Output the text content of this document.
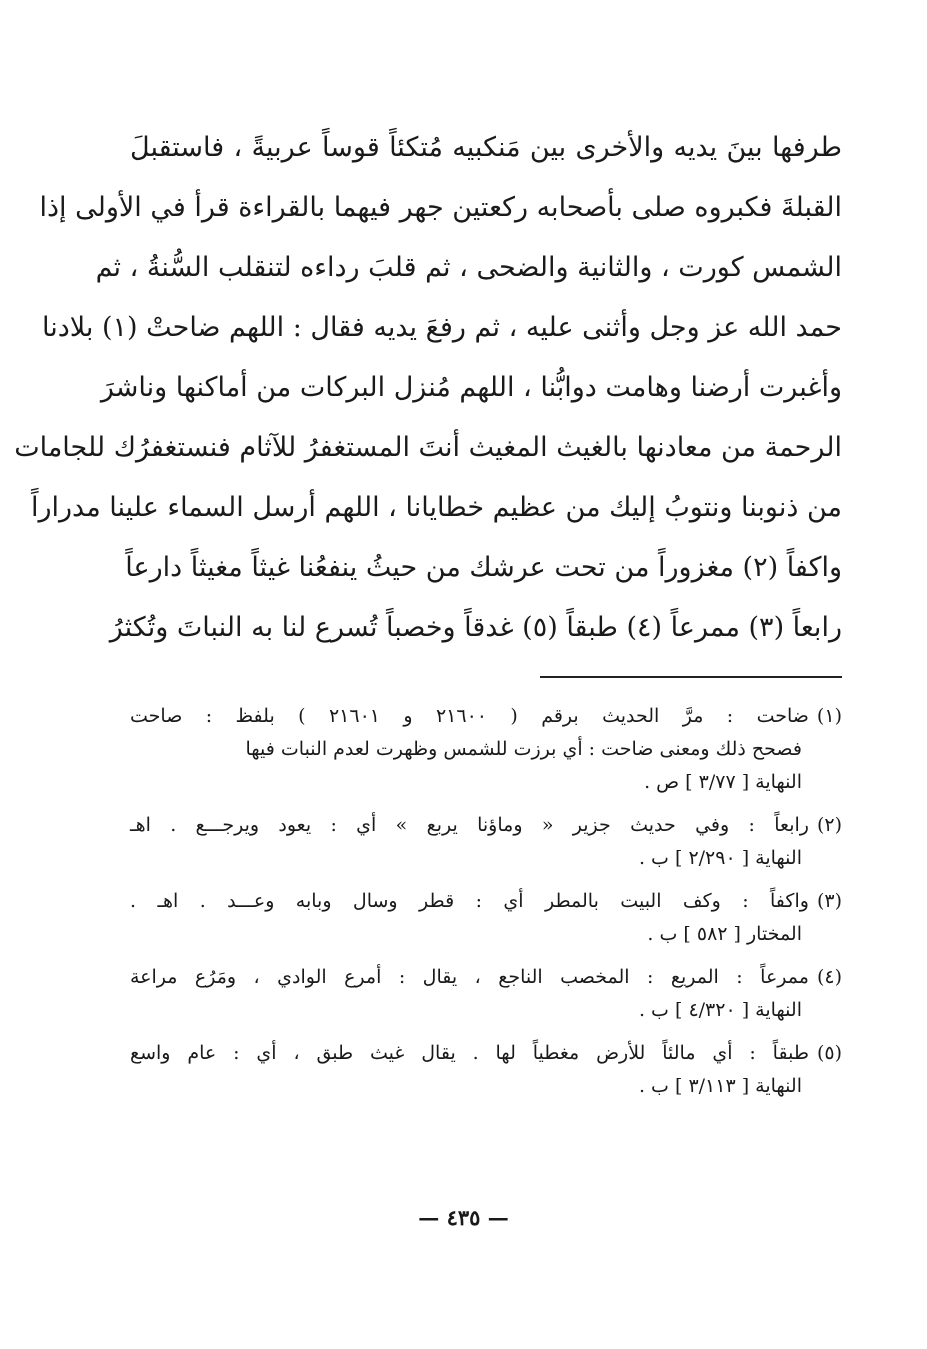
طرفها بينَ يديه والأخرى بين مَنكبيه مُتكئاً قوساً عربيةً ، فاستقبلَ
القبلةَ فكبروه صلى بأصحابه ركعتين جهر فيهما بالقراءة قرأ في الأولى إذا
الشمس كورت ، والثانية والضحى ، ثم قلبَ رداءه لتنقلب السُّنةُ ، ثم
حمد الله عز وجل وأثنى عليه ، ثم رفعَ يديه فقال : اللهم ضاحتْ (١) بلادنا
وأغبرت أرضنا وهامت دوابُّنا ، اللهم مُنزل البركات من أماكنها وناشرَ
الرحمة من معادنها بالغيث المغيث أنتَ المستغفرُ للآثام فنستغفرُك للجامات
من ذنوبنا ونتوبُ إليك من عظيم خطايانا ، اللهم أرسل السماء علينا مدراراً
واكفاً (٢) مغزوراً من تحت عرشك من حيثُ ينفعُنا غيثاً مغيثاً دارعاً
رابعاً (٣) ممرعاً (٤) طبقاً (٥) غدقاً وخصباً تُسرع لنا به النباتَ وتُكثرُ
(١)ضاحت : مرَّ الحديث برقم ( ٢١٦٠٠ و ٢١٦٠١ ) بلفظ : صاحت
فصحح ذلك ومعنى ضاحت : أي برزت للشمس وظهرت لعدم النبات فيها
النهاية [ ٣/٧٧ ] ص .
(٢)رابعاً : وفي حديث جزير « وماؤنا يربع » أي : يعود ويرجـــع . اهـ
النهاية [ ٢/٢٩٠ ] ب .
(٣)واكفاً : وكف البيت بالمطر أي : قطر وسال وبابه وعـــد . اهـ .
المختار [ ٥٨٢ ] ب .
(٤)ممرعاً : المريع : المخصب الناجع ، يقال : أمرع الوادي ، ومَرُع مراعة
النهاية [ ٤/٣٢٠ ] ب .
(٥)طبقاً : أي مالئاً للأرض مغطياً لها . يقال غيث طبق ، أي : عام واسع
النهاية [ ٣/١١٣ ] ب .
— ٤٣٥ —
